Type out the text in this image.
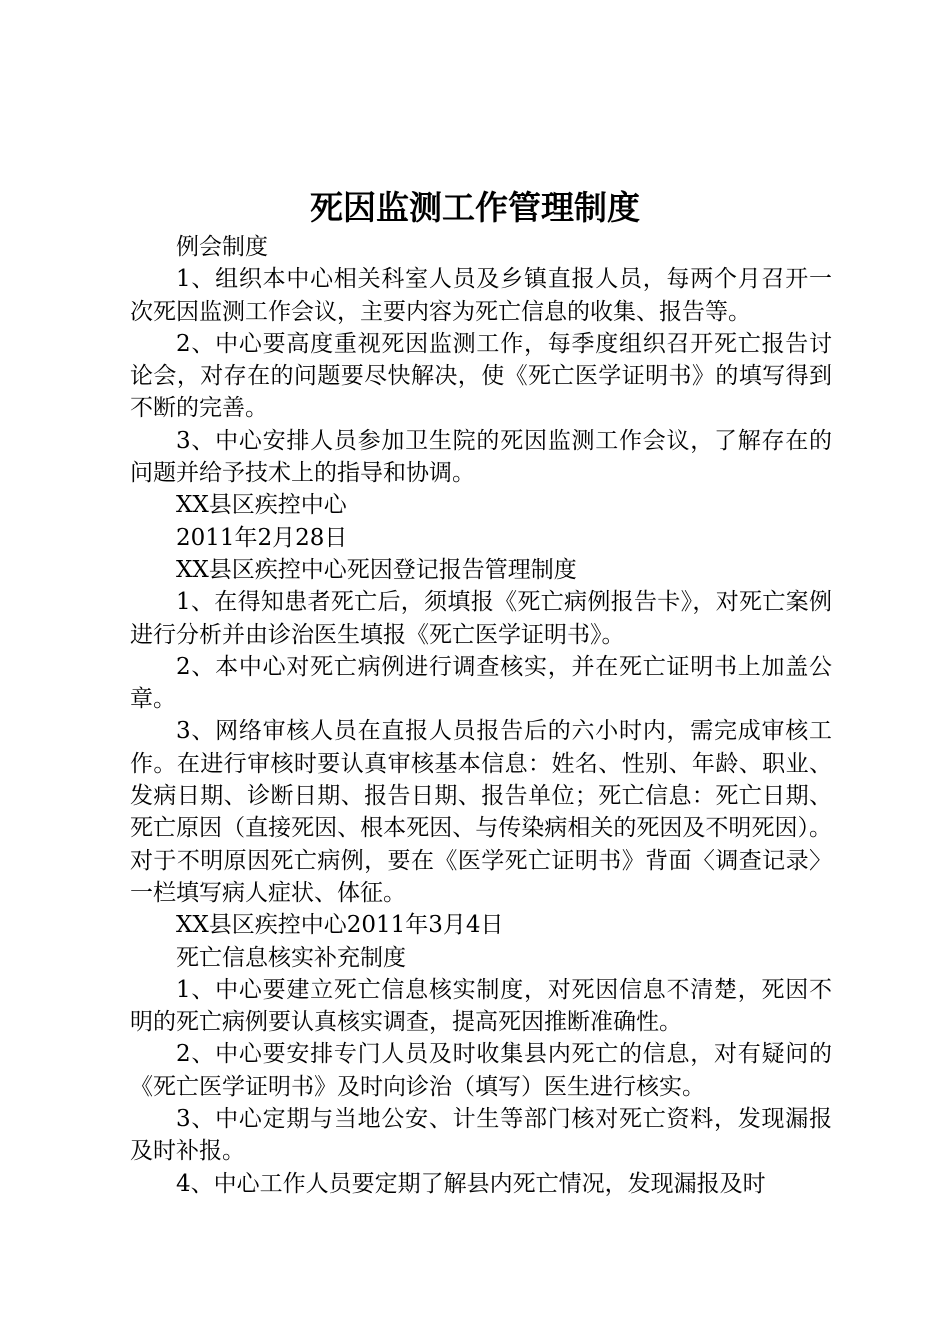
死因监测工作管理制度

例会制度

1、组织本中心相关科室人员及乡镇直报人员，每两个月召开一次死因监测工作会议，主要内容为死亡信息的收集、报告等。

2、中心要高度重视死因监测工作，每季度组织召开死亡报告讨论会，对存在的问题要尽快解决，使《死亡医学证明书》的填写得到不断的完善。

3、中心安排人员参加卫生院的死因监测工作会议，了解存在的问题并给予技术上的指导和协调。

XX县区疾控中心

2011年2月28日

XX县区疾控中心死因登记报告管理制度

1、在得知患者死亡后，须填报《死亡病例报告卡》，对死亡案例进行分析并由诊治医生填报《死亡医学证明书》。

2、本中心对死亡病例进行调查核实，并在死亡证明书上加盖公章。

3、网络审核人员在直报人员报告后的六小时内，需完成审核工作。在进行审核时要认真审核基本信息：姓名、性别、年龄、职业、发病日期、诊断日期、报告日期、报告单位；死亡信息：死亡日期、死亡原因（直接死因、根本死因、与传染病相关的死因及不明死因）。对于不明原因死亡病例，要在《医学死亡证明书》背面〈调查记录〉一栏填写病人症状、体征。

XX县区疾控中心2011年3月4日

死亡信息核实补充制度

1、中心要建立死亡信息核实制度，对死因信息不清楚，死因不明的死亡病例要认真核实调查，提高死因推断准确性。

2、中心要安排专门人员及时收集县内死亡的信息，对有疑问的《死亡医学证明书》及时向诊治（填写）医生进行核实。

3、中心定期与当地公安、计生等部门核对死亡资料，发现漏报及时补报。

4、中心工作人员要定期了解县内死亡情况，发现漏报及时
